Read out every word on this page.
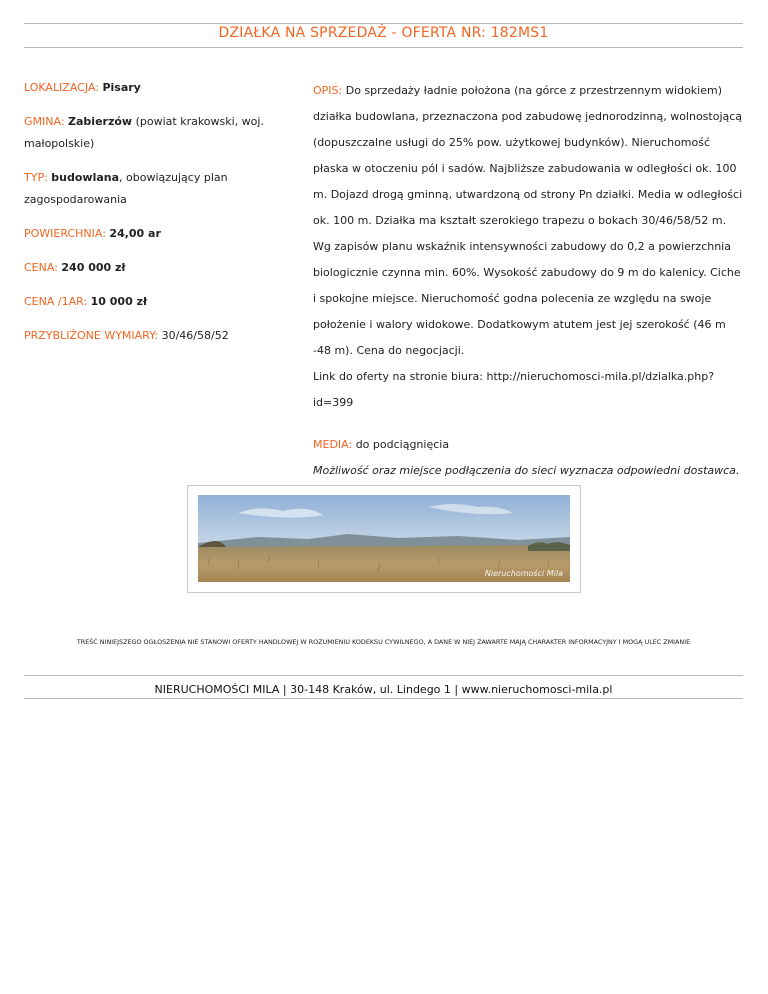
DZIAŁKA NA SPRZEDAŻ - OFERTA NR: 182MS1
LOKALIZACJA: Pisary
GMINA: Zabierzów (powiat krakowski, woj. małopolskie)
TYP: budowlana, obowiązujący plan zagospodarowania
POWIERCHNIA: 24,00 ar
CENA: 240 000 zł
CENA /1AR: 10 000 zł
PRZYBLIŻONE WYMIARY: 30/46/58/52

OPIS: Do sprzedaży ładnie położona (na górce z przestrzennym widokiem) działka budowlana, przeznaczona pod zabudowę jednorodzinną, wolnostojącą (dopuszczalne usługi do 25% pow. użytkowej budynków). Nieruchomość płaska w otoczeniu pól i sadów. Najbliższe zabudowania w odległości ok. 100 m. Dojazd drogą gminną, utwardzoną od strony Pn działki. Media w odległości ok. 100 m. Działka ma kształt szerokiego trapezu o bokach 30/46/58/52 m. Wg zapisów planu wskaźnik intensywności zabudowy do 0,2 a powierzchnia biologicznie czynna min. 60%. Wysokość zabudowy do 9 m do kalenicy. Ciche i spokojne miejsce. Nieruchomość godna polecenia ze względu na swoje położenie i walory widokowe. Dodatkowym atutem jest jej szerokość (46 m -48 m). Cena do negocjacji.

Link do oferty na stronie biura: http://nieruchomosci-mila.pl/dzialka.php?id=399

MEDIA: do podciągnięcia

Możliwość oraz miejsce podłączenia do sieci wyznacza odpowiedni dostawca.

Nieruchomości Mila
TREŚĆ NINIEJSZEGO OGŁOSZENIA NIE STANOWI OFERTY HANDLOWEJ W ROZUMIENIU KODEKSU CYWILNEGO, A DANE W NIEJ ZAWARTE MAJĄ CHARAKTER INFORMACYJNY I MOGĄ ULEC ZMIANIE
NIERUCHOMOŚCI MILA | 30-148 Kraków, ul. Lindego 1 | www.nieruchomosci-mila.pl
